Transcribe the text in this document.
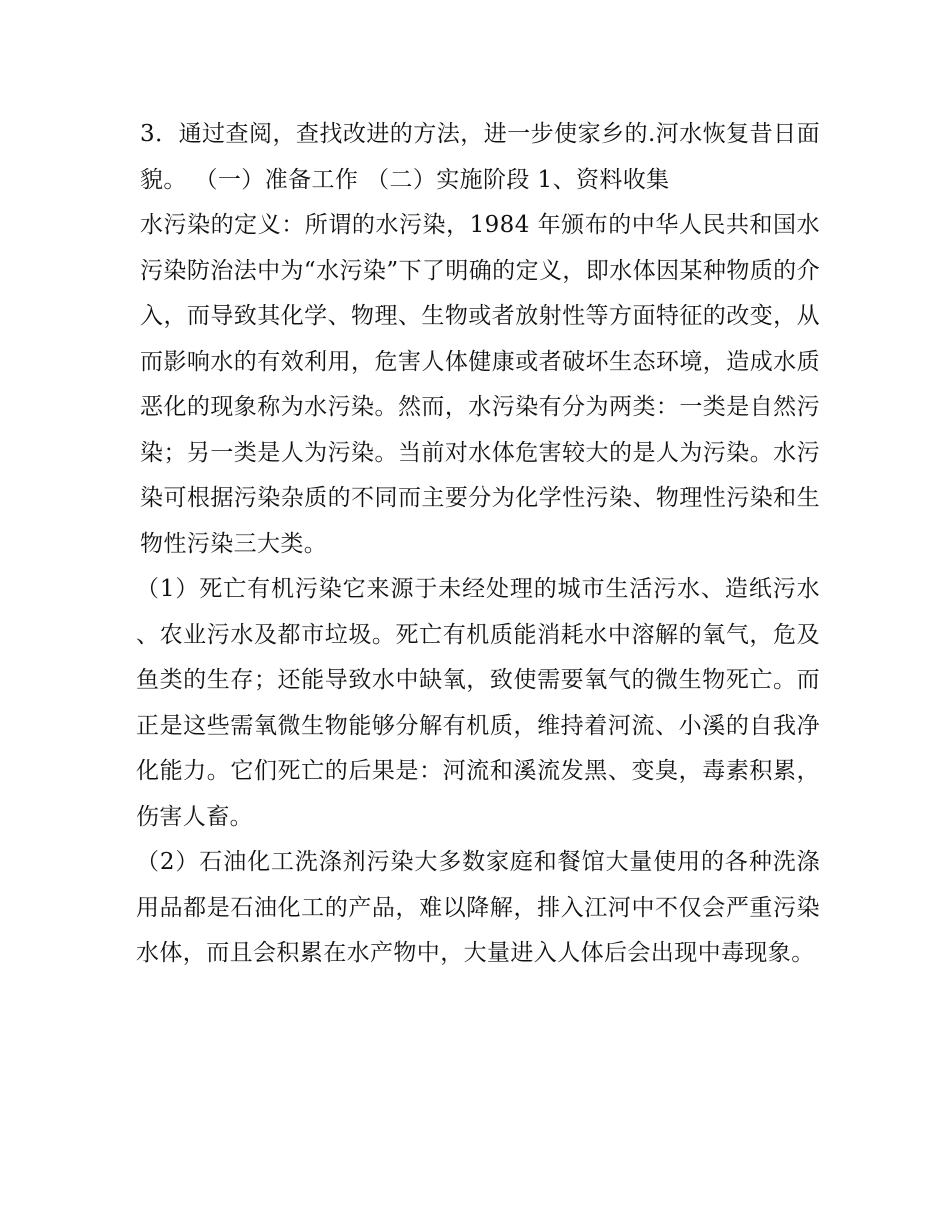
3．通过查阅，查找改进的方法，进一步使家乡的.河水恢复昔日面貌。 （一）准备工作 （二）实施阶段 1、资料收集

水污染的定义：所谓的水污染，1984 年颁布的中华人民共和国水污染防治法中为“水污染”下了明确的定义，即水体因某种物质的介入，而导致其化学、物理、生物或者放射性等方面特征的改变，从而影响水的有效利用，危害人体健康或者破坏生态环境，造成水质恶化的现象称为水污染。然而，水污染有分为两类：一类是自然污染；另一类是人为污染。当前对水体危害较大的是人为污染。水污染可根据污染杂质的不同而主要分为化学性污染、物理性污染和生物性污染三大类。

（1）死亡有机污染它来源于未经处理的城市生活污水、造纸污水、农业污水及都市垃圾。死亡有机质能消耗水中溶解的氧气，危及鱼类的生存；还能导致水中缺氧，致使需要氧气的微生物死亡。而正是这些需氧微生物能够分解有机质，维持着河流、小溪的自我净化能力。它们死亡的后果是：河流和溪流发黑、变臭，毒素积累，伤害人畜。

（2）石油化工洗涤剂污染大多数家庭和餐馆大量使用的各种洗涤用品都是石油化工的产品，难以降解，排入江河中不仅会严重污染水体，而且会积累在水产物中，大量进入人体后会出现中毒现象。
